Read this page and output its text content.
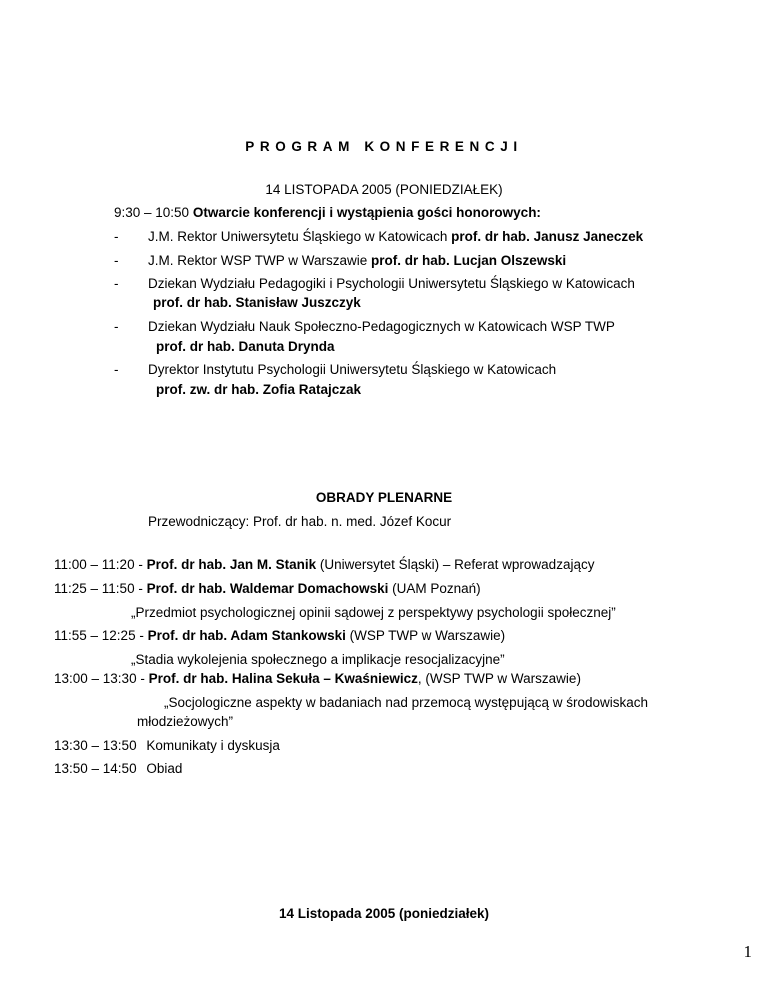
PROGRAM KONFERENCJI
14 LISTOPADA 2005 (PONIEDZIAŁEK)
9:30 – 10:50 Otwarcie konferencji i wystąpienia gości honorowych:
- J.M. Rektor Uniwersytetu Śląskiego w Katowicach prof. dr hab. Janusz Janeczek
- J.M. Rektor WSP TWP w Warszawie prof. dr hab. Lucjan Olszewski
- Dziekan Wydziału Pedagogiki i Psychologii Uniwersytetu Śląskiego w Katowicach
prof. dr hab. Stanisław Juszczyk
- Dziekan Wydziału Nauk Społeczno-Pedagogicznych w Katowicach WSP TWP
prof. dr hab. Danuta Drynda
- Dyrektor Instytutu Psychologii Uniwersytetu Śląskiego w Katowicach
prof. zw. dr hab. Zofia Ratajczak
OBRADY PLENARNE
Przewodniczący: Prof. dr hab. n. med. Józef Kocur
11:00 – 11:20 - Prof. dr hab. Jan M. Stanik (Uniwersytet Śląski) – Referat wprowadzający
11:25 – 11:50 - Prof. dr hab. Waldemar Domachowski (UAM Poznań)
„Przedmiot psychologicznej opinii sądowej z perspektywy psychologii społecznej”
11:55 – 12:25 - Prof. dr hab. Adam Stankowski (WSP TWP w Warszawie)
„Stadia wykolejenia społecznego a implikacje resocjalizacyjne”
13:00 – 13:30 - Prof. dr hab. Halina Sekuła – Kwaśniewicz, (WSP TWP w Warszawie)
„Socjologiczne aspekty w badaniach nad przemocą występującą w środowiskach
młodzieżowych”
13:30 – 13:50 Komunikaty i dyskusja
13:50 – 14:50 Obiad
14 Listopada 2005 (poniedziałek)
1
